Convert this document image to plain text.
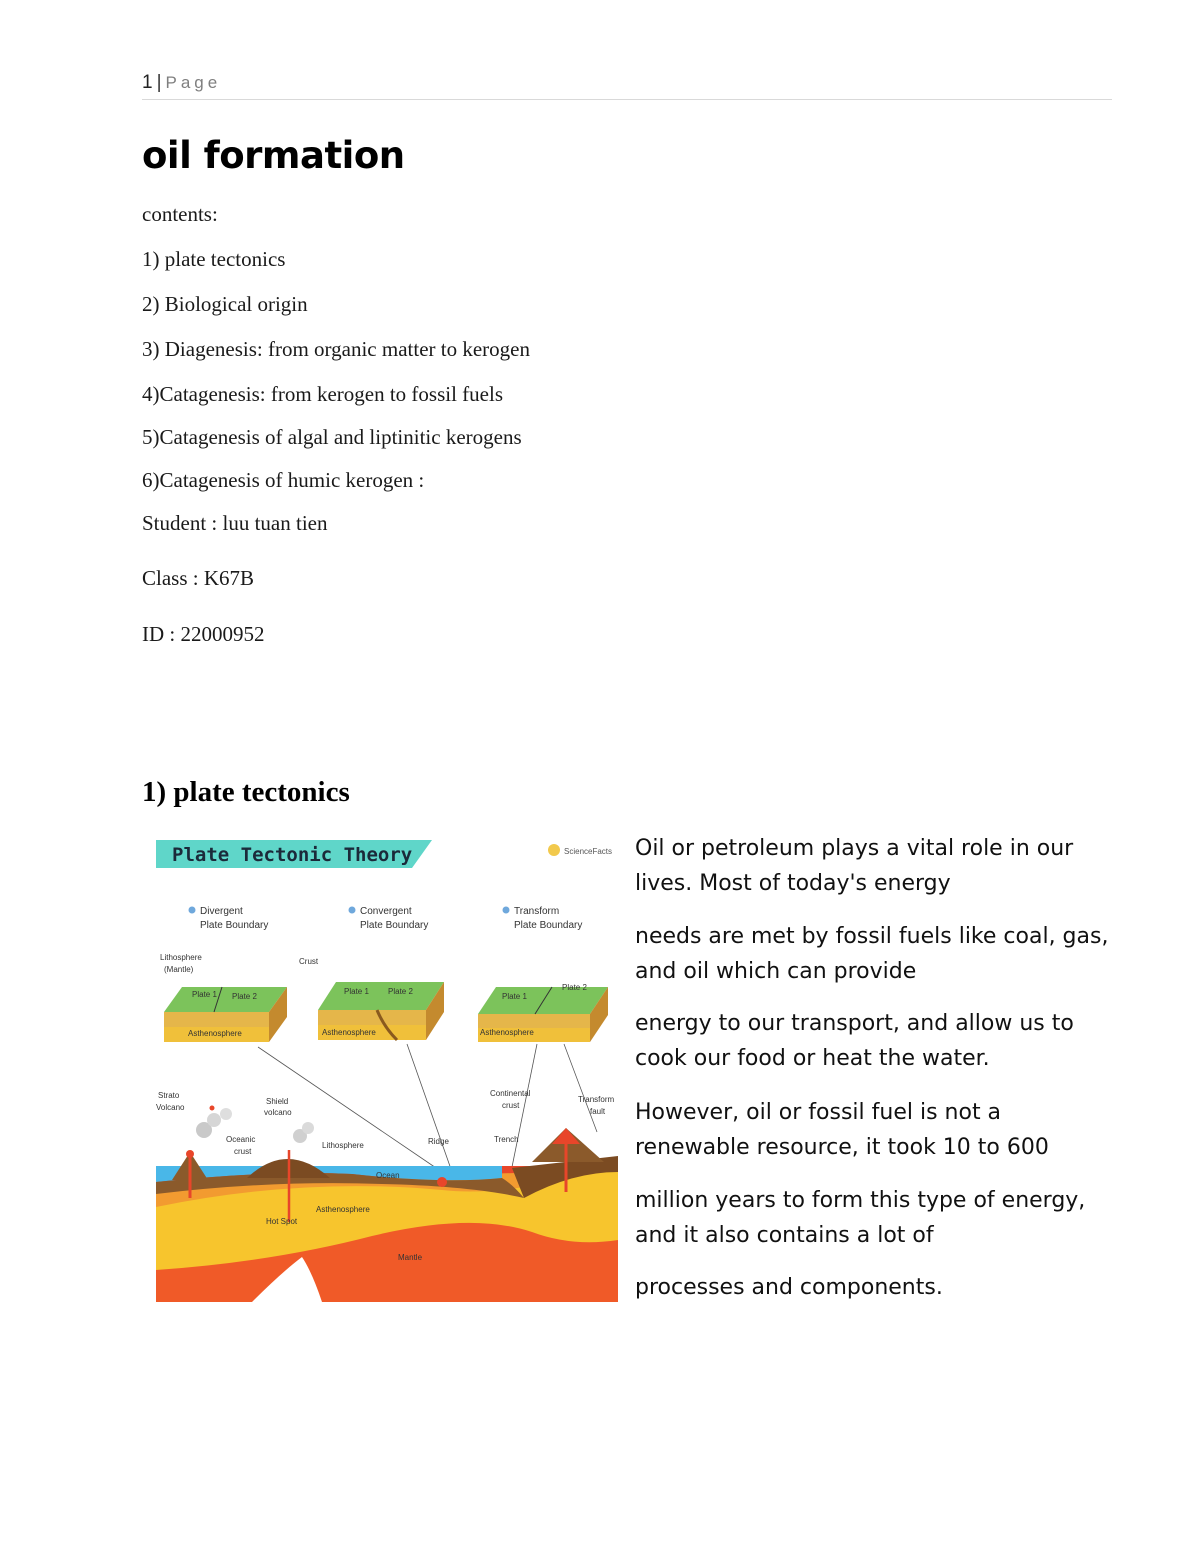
1 | Page
oil formation

contents:

1) plate tectonics

2) Biological origin

3) Diagenesis: from organic matter to kerogen

4)Catagenesis: from kerogen to fossil fuels

5)Catagenesis of algal and liptinitic kerogens

6)Catagenesis of humic kerogen :

Student : luu tuan tien

Class : K67B

ID : 22000952

1) plate tectonics
Plate Tectonic Theory	ScienceFacts
Divergent
Plate Boundary
Convergent
Plate Boundary
Transform
Plate Boundary
Lithosphere
(Mantle)
Crust
Plate 1 Plate 2
Asthenosphere
Plate 1 Plate 2
Asthenosphere
Plate 1
Plate 2
Asthenosphere
Strato
Volcano
Shield
volcano
Oceanic
crust
Lithosphere	Ridge	Trench
Continental
crust
Transform
fault
Ocean
Hot Spot
Asthenosphere
Mantle

Oil or petroleum plays a vital role in our lives. Most of today's energy

needs are met by fossil fuels like coal, gas, and oil which can provide

energy to our transport, and allow us to cook our food or heat the water.

However, oil or fossil fuel is not a renewable resource, it took 10 to 600

million years to form this type of energy, and it also contains a lot of

processes and components.
